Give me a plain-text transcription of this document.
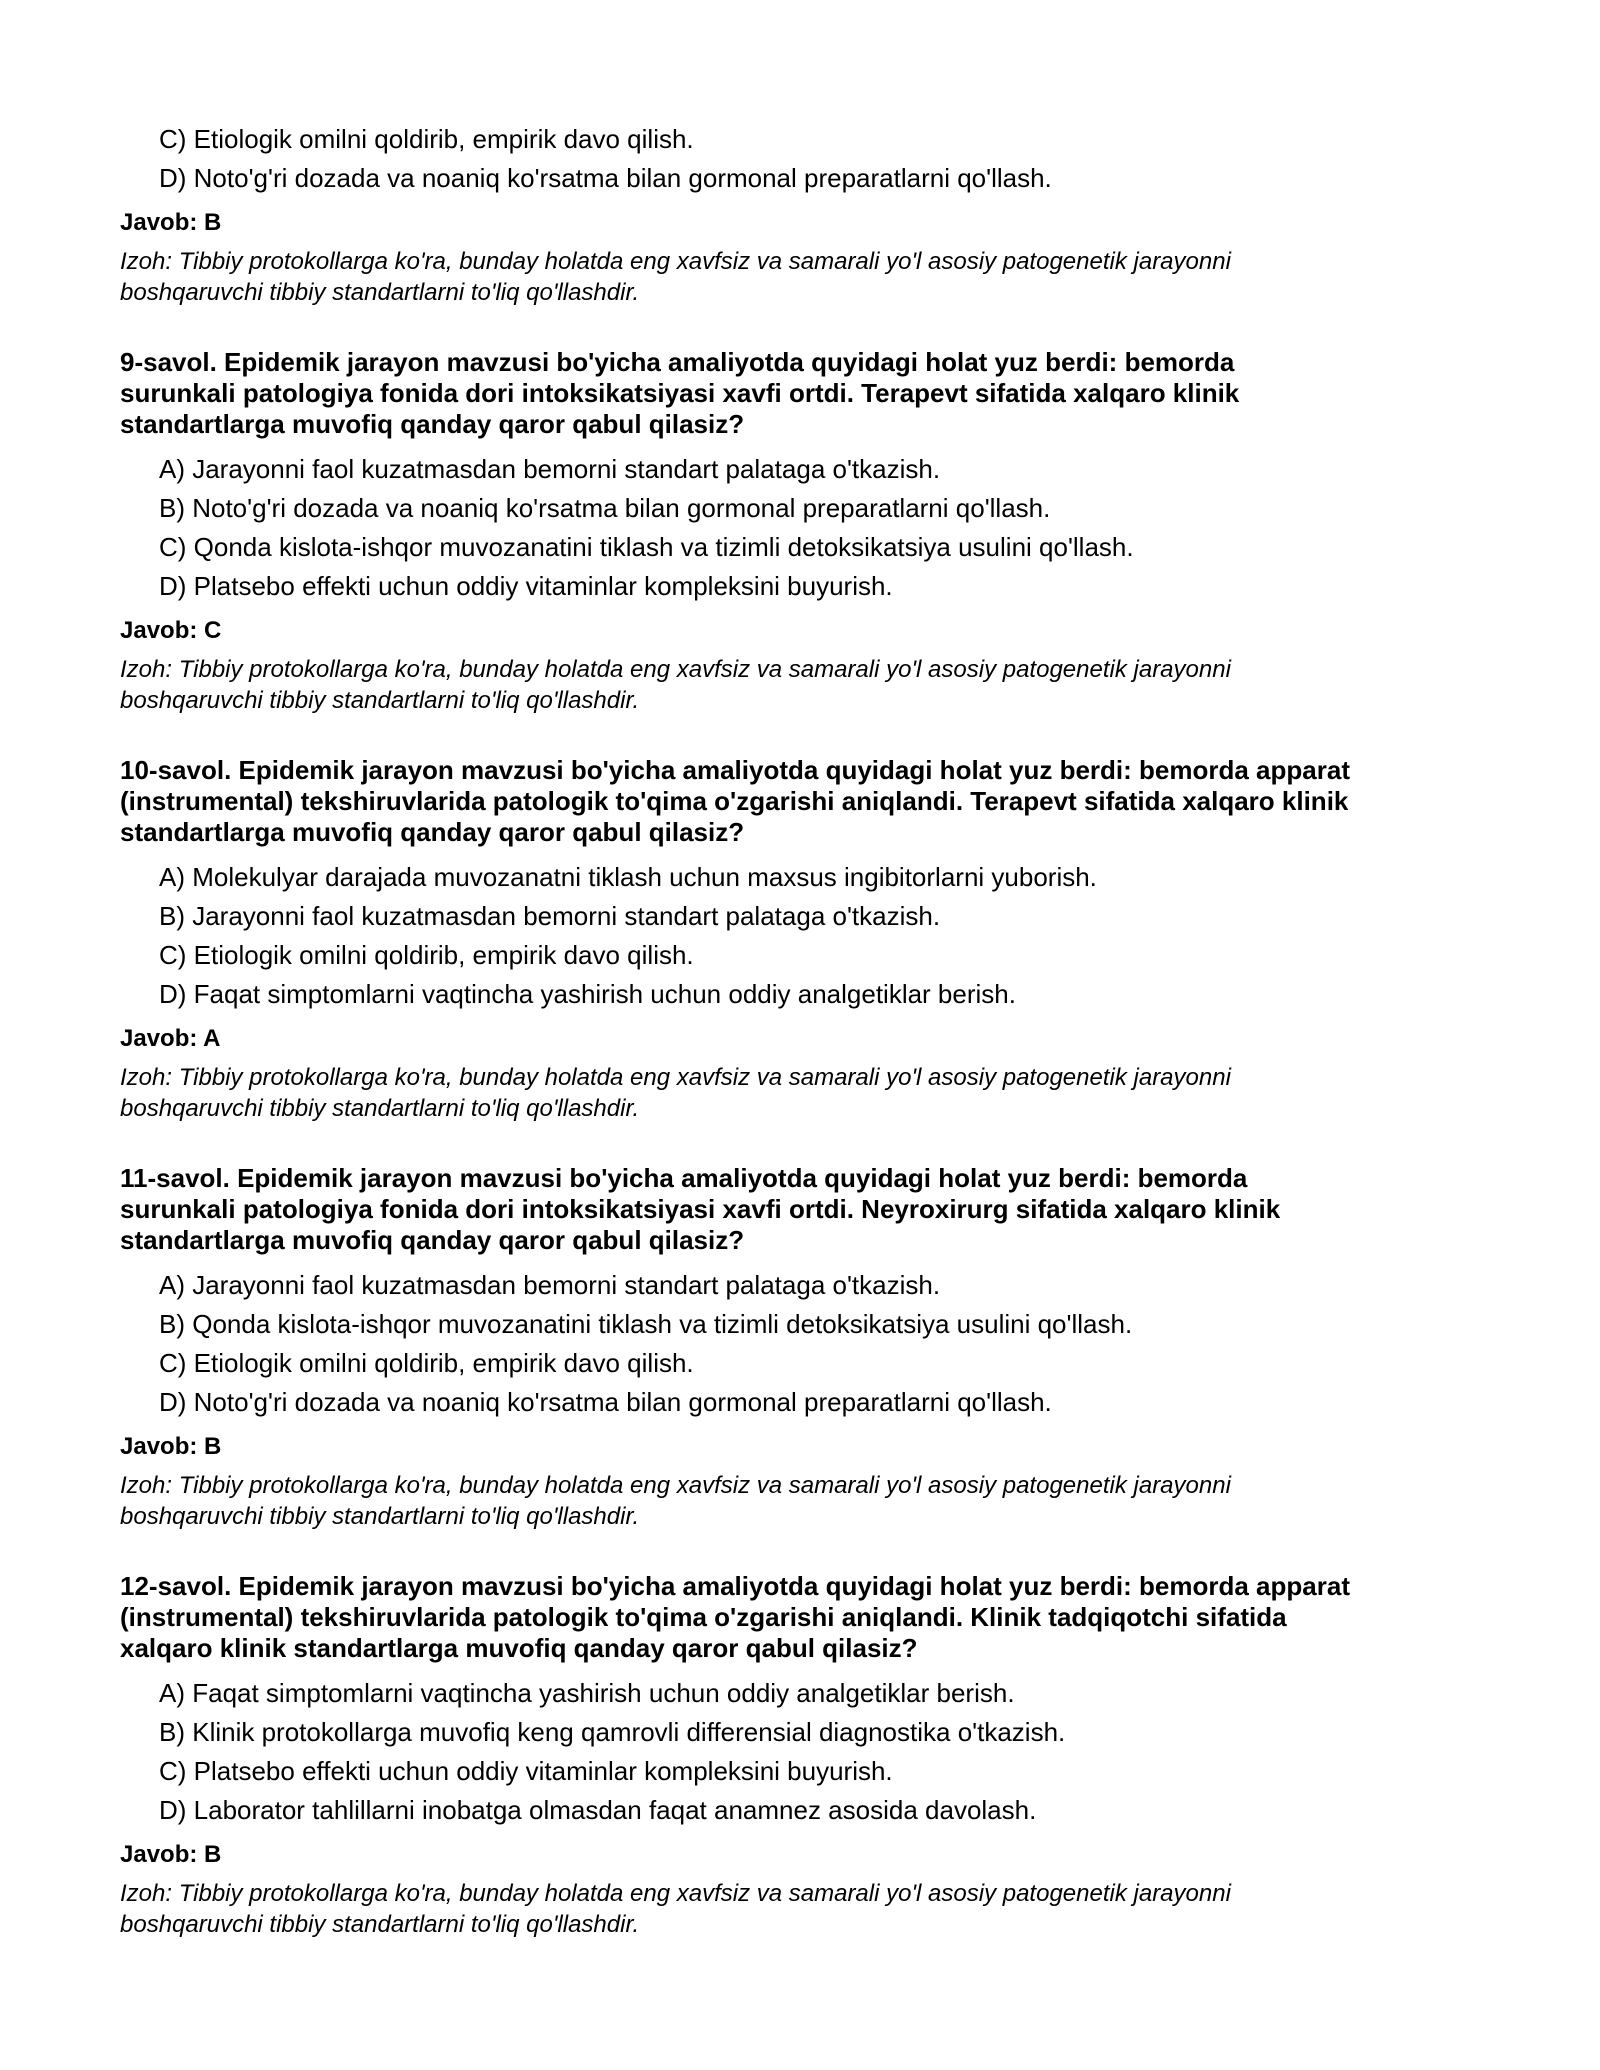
C) Etiologik omilni qoldirib, empirik davo qilish.
D) Noto'g'ri dozada va noaniq ko'rsatma bilan gormonal preparatlarni qo'llash.
Javob: B
Izoh: Tibbiy protokollarga ko'ra, bunday holatda eng xavfsiz va samarali yo'l asosiy patogenetik jarayonni
boshqaruvchi tibbiy standartlarni to'liq qo'llashdir.
9-savol. Epidemik jarayon mavzusi bo'yicha amaliyotda quyidagi holat yuz berdi: bemorda
surunkali patologiya fonida dori intoksikatsiyasi xavfi ortdi. Terapevt sifatida xalqaro klinik
standartlarga muvofiq qanday qaror qabul qilasiz?
A) Jarayonni faol kuzatmasdan bemorni standart palataga o'tkazish.
B) Noto'g'ri dozada va noaniq ko'rsatma bilan gormonal preparatlarni qo'llash.
C) Qonda kislota-ishqor muvozanatini tiklash va tizimli detoksikatsiya usulini qo'llash.
D) Platsebo effekti uchun oddiy vitaminlar kompleksini buyurish.
Javob: C
Izoh: Tibbiy protokollarga ko'ra, bunday holatda eng xavfsiz va samarali yo'l asosiy patogenetik jarayonni
boshqaruvchi tibbiy standartlarni to'liq qo'llashdir.
10-savol. Epidemik jarayon mavzusi bo'yicha amaliyotda quyidagi holat yuz berdi: bemorda apparat
(instrumental) tekshiruvlarida patologik to'qima o'zgarishi aniqlandi. Terapevt sifatida xalqaro klinik
standartlarga muvofiq qanday qaror qabul qilasiz?
A) Molekulyar darajada muvozanatni tiklash uchun maxsus ingibitorlarni yuborish.
B) Jarayonni faol kuzatmasdan bemorni standart palataga o'tkazish.
C) Etiologik omilni qoldirib, empirik davo qilish.
D) Faqat simptomlarni vaqtincha yashirish uchun oddiy analgetiklar berish.
Javob: A
Izoh: Tibbiy protokollarga ko'ra, bunday holatda eng xavfsiz va samarali yo'l asosiy patogenetik jarayonni
boshqaruvchi tibbiy standartlarni to'liq qo'llashdir.
11-savol. Epidemik jarayon mavzusi bo'yicha amaliyotda quyidagi holat yuz berdi: bemorda
surunkali patologiya fonida dori intoksikatsiyasi xavfi ortdi. Neyroxirurg sifatida xalqaro klinik
standartlarga muvofiq qanday qaror qabul qilasiz?
A) Jarayonni faol kuzatmasdan bemorni standart palataga o'tkazish.
B) Qonda kislota-ishqor muvozanatini tiklash va tizimli detoksikatsiya usulini qo'llash.
C) Etiologik omilni qoldirib, empirik davo qilish.
D) Noto'g'ri dozada va noaniq ko'rsatma bilan gormonal preparatlarni qo'llash.
Javob: B
Izoh: Tibbiy protokollarga ko'ra, bunday holatda eng xavfsiz va samarali yo'l asosiy patogenetik jarayonni
boshqaruvchi tibbiy standartlarni to'liq qo'llashdir.
12-savol. Epidemik jarayon mavzusi bo'yicha amaliyotda quyidagi holat yuz berdi: bemorda apparat
(instrumental) tekshiruvlarida patologik to'qima o'zgarishi aniqlandi. Klinik tadqiqotchi sifatida
xalqaro klinik standartlarga muvofiq qanday qaror qabul qilasiz?
A) Faqat simptomlarni vaqtincha yashirish uchun oddiy analgetiklar berish.
B) Klinik protokollarga muvofiq keng qamrovli differensial diagnostika o'tkazish.
C) Platsebo effekti uchun oddiy vitaminlar kompleksini buyurish.
D) Laborator tahlillarni inobatga olmasdan faqat anamnez asosida davolash.
Javob: B
Izoh: Tibbiy protokollarga ko'ra, bunday holatda eng xavfsiz va samarali yo'l asosiy patogenetik jarayonni
boshqaruvchi tibbiy standartlarni to'liq qo'llashdir.
